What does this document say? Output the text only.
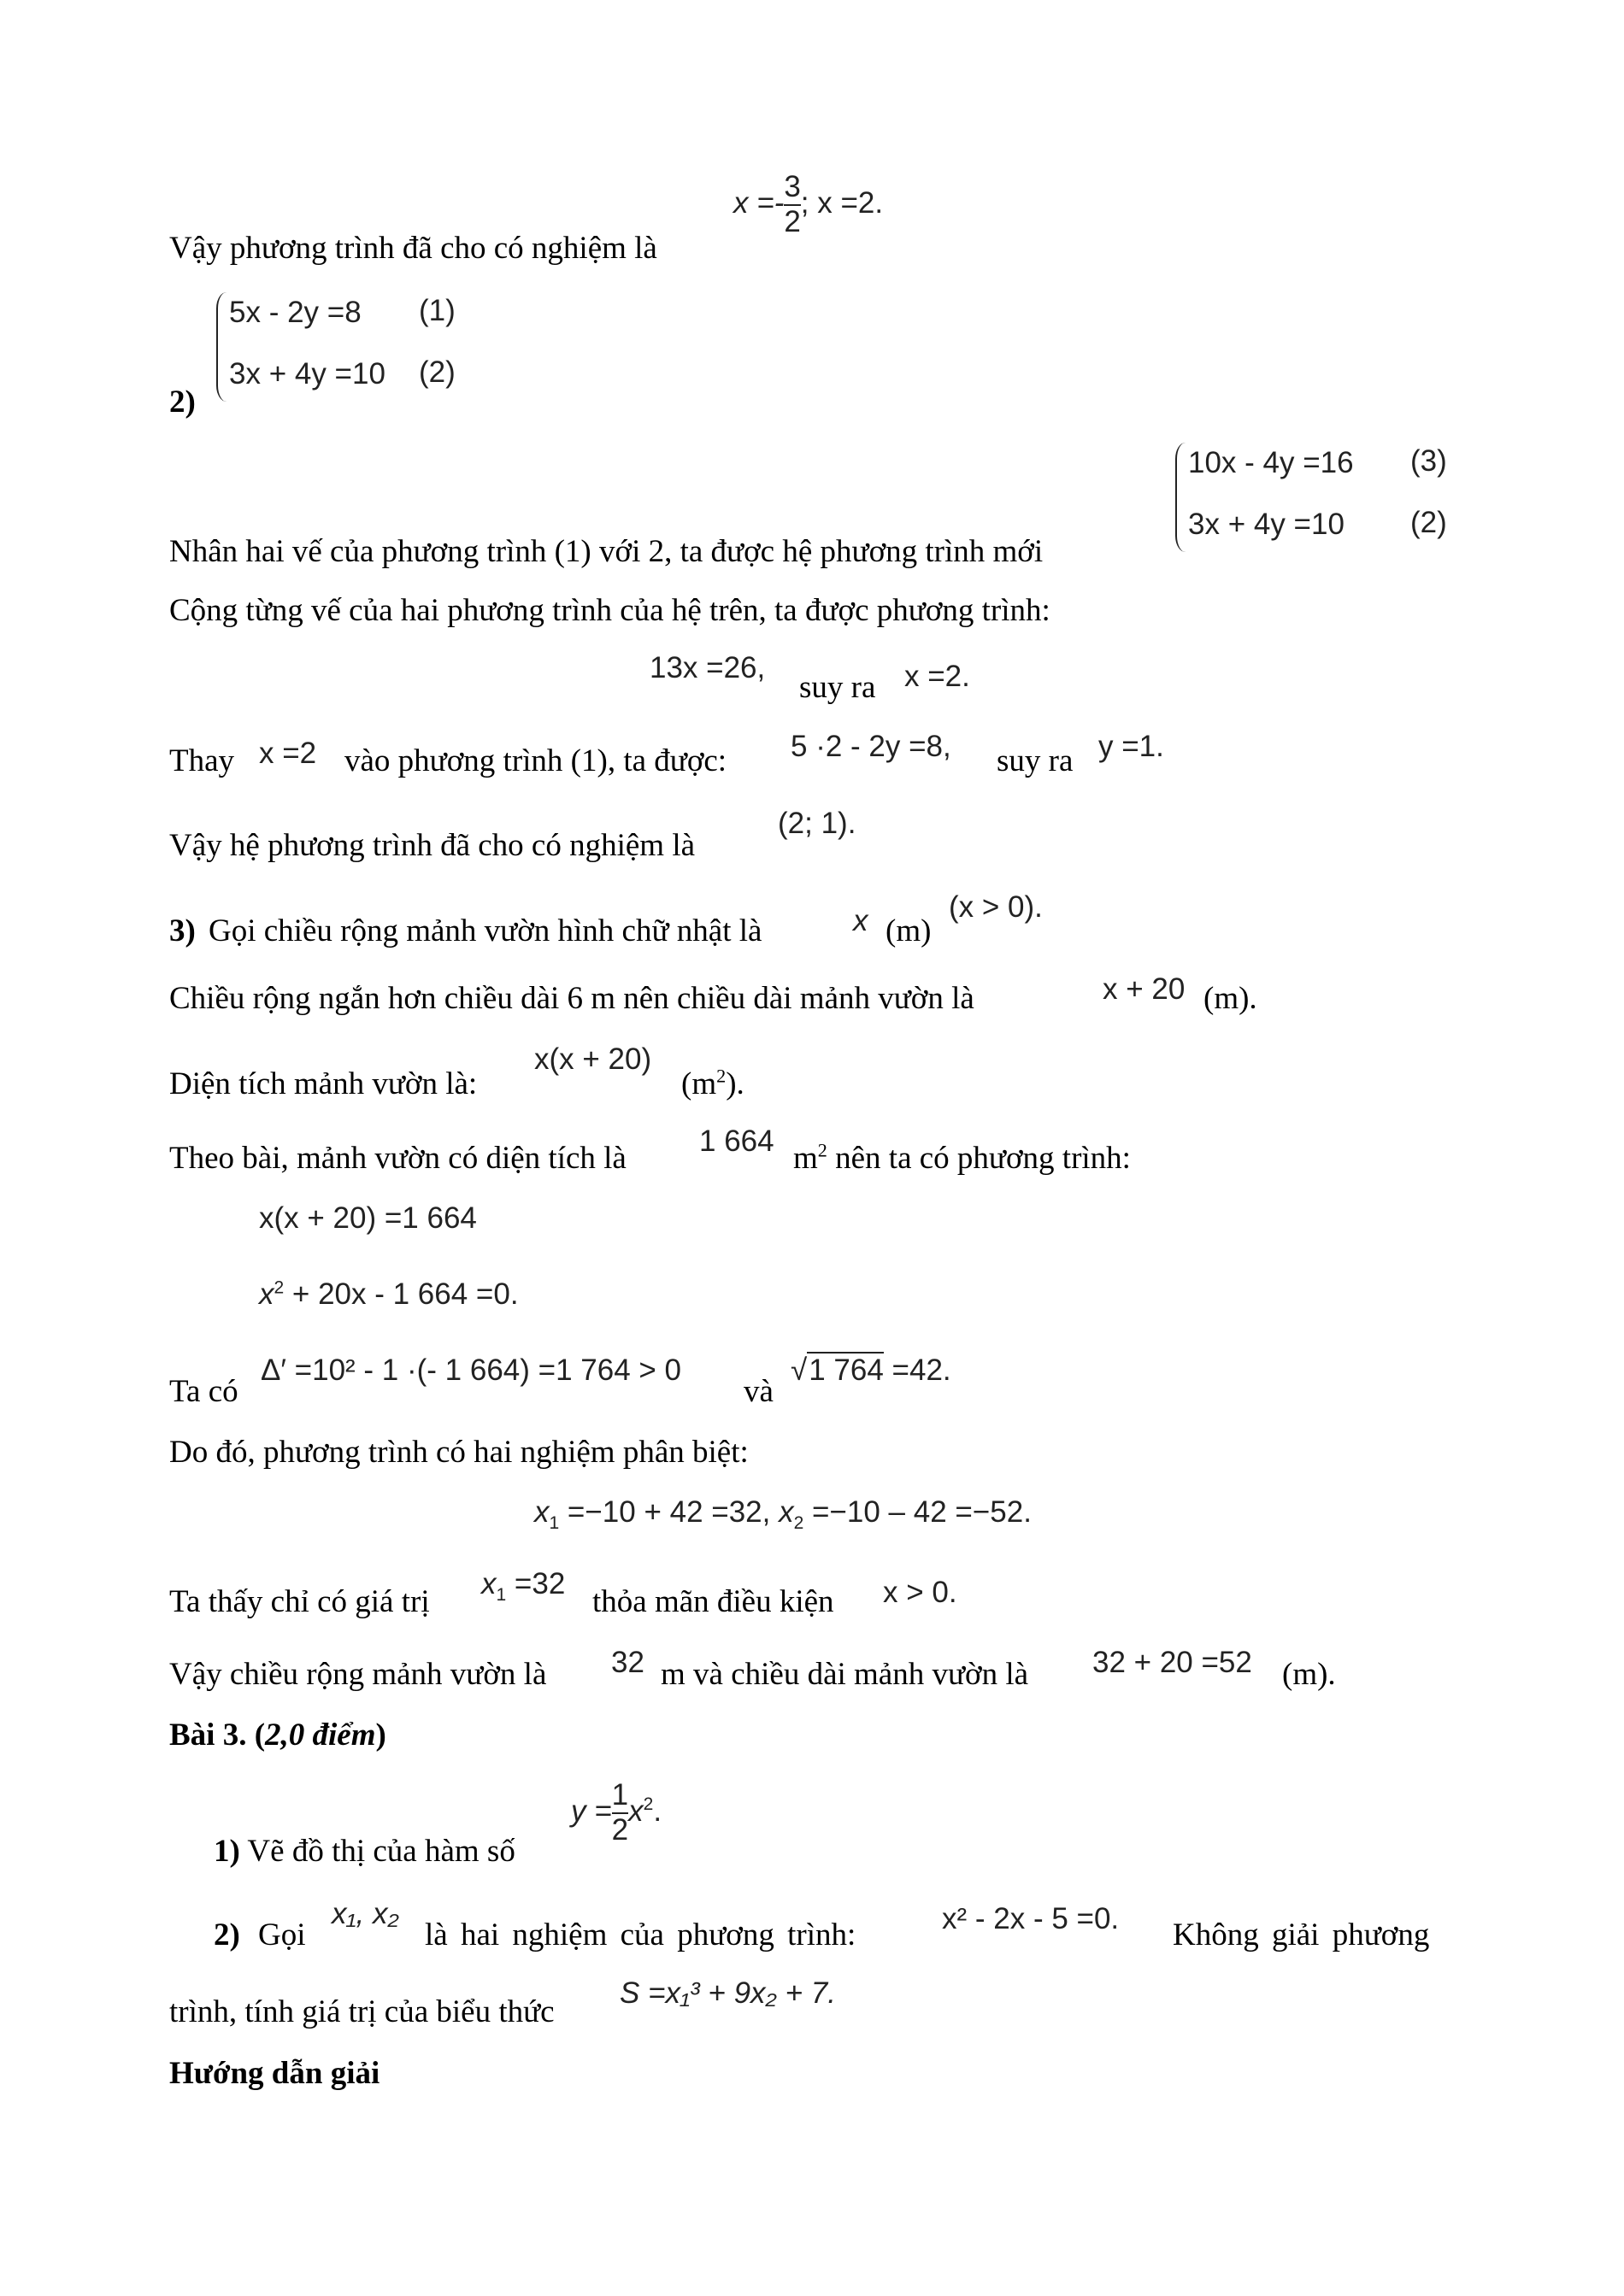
Vậy phương trình đã cho có nghiệm là
$x =- \frac{3}{2}$ ; x =2.
2)
5x - 2y =8 (1)
3x + 4y =10 (2)
Nhân hai vế của phương trình (1) với 2, ta được hệ phương trình mới
10x - 4y =16 (3)
3x + 4y =10 (2)
Cộng từng vế của hai phương trình của hệ trên, ta được phương trình:
13x =26,
suy ra x =2.
Thay x =2 vào phương trình (1), ta được: 5 ·2 - 2y =8, suy ra y =1.
Vậy hệ phương trình đã cho có nghiệm là
(2; 1).
3) Gọi chiều rộng mảnh vườn hình chữ nhật là	x (m)
(x > 0).
Chiều rộng ngắn hơn chiều dài 6 m nên chiều dài mảnh vườn là	x + 20 (m).
Diện tích mảnh vườn là:
x(x + 20)
$(m^2)$.
Theo bài, mảnh vườn có diện tích là 1 664 $m^2$ nên ta có phương trình:
x(x + 20) =1 664
$x^2 + 20x - 1$ 664 =0.
Ta có
Δ′ =10² - 1 ·(- 1 664) =1 764 > 0
và
√1 764 =42.
Do đó, phương trình có hai nghiệm phân biệt:
$x_1 =-10 + 42 =32$, $x_2 =-10 - 42 =-52$.
Ta thấy chỉ có giá trị
$x_1 =32$
thỏa mãn điều kiện x > 0.
Vậy chiều rộng mảnh vườn là 32 m và chiều dài mảnh vườn là 32 + 20 =52 (m).
Bài 3. (2,0 điểm)
1) Vẽ đồ thị của hàm số
$y = \frac{1}{2} x^2$.
2) Gọi
x₁, x₂
là hai nghiệm của phương trình:	x² - 2x - 5 =0. Không giải phương
trình, tính giá trị của biểu thức
S =x₁³ + 9x₂ + 7.
Hướng dẫn giải
